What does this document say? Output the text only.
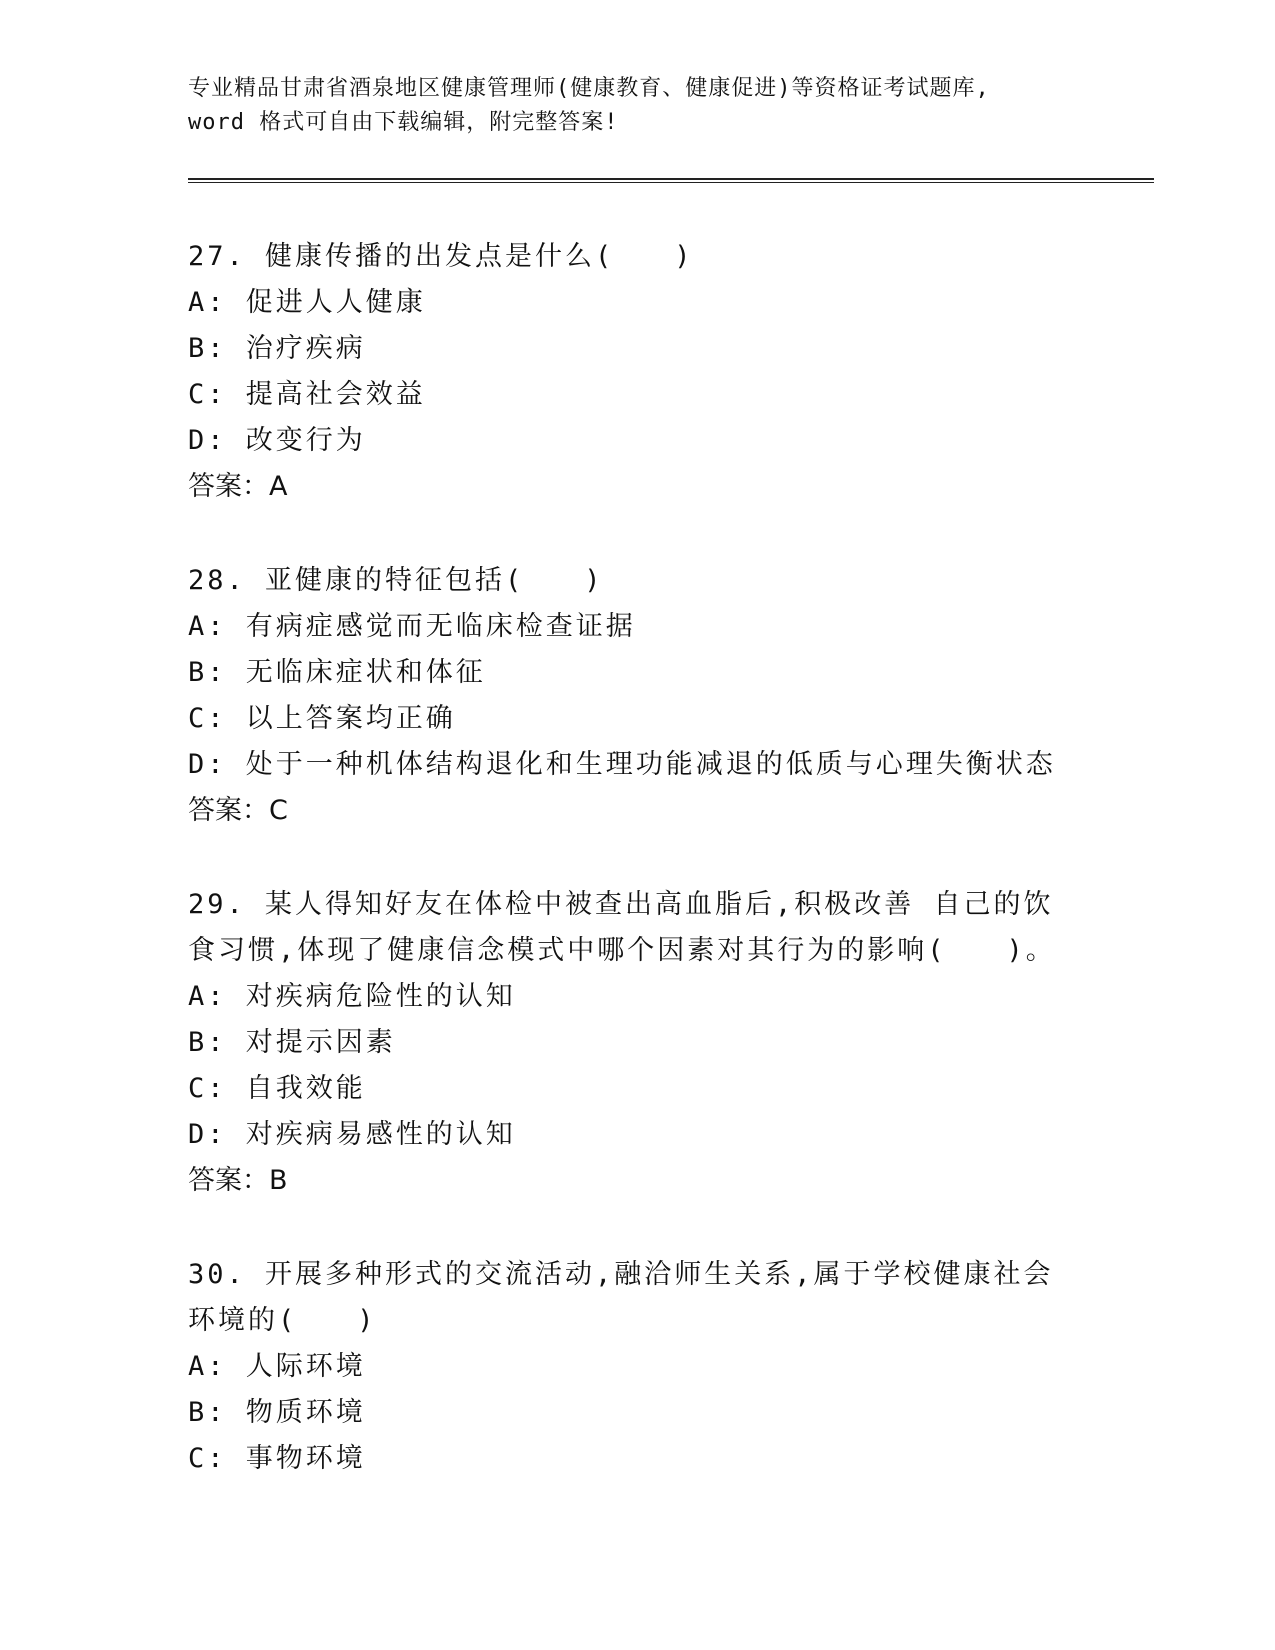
专业精品甘肃省酒泉地区健康管理师(健康教育、健康促进)等资格证考试题库,
word 格式可自由下载编辑，附完整答案!
27. 健康传播的出发点是什么(　　)
A: 促进人人健康
B: 治疗疾病
C: 提高社会效益
D: 改变行为
答案：A
28. 亚健康的特征包括(　　)
A: 有病症感觉而无临床检查证据
B: 无临床症状和体征
C: 以上答案均正确
D: 处于一种机体结构退化和生理功能减退的低质与心理失衡状态
答案：C
29. 某人得知好友在体检中被查出高血脂后,积极改善 自己的饮食习惯,体现了健康信念模式中哪个因素对其行为的影响(　　)。
A: 对疾病危险性的认知
B: 对提示因素
C: 自我效能
D: 对疾病易感性的认知
答案：B
30. 开展多种形式的交流活动,融洽师生关系,属于学校健康社会环境的(　　)
A: 人际环境
B: 物质环境
C: 事物环境
